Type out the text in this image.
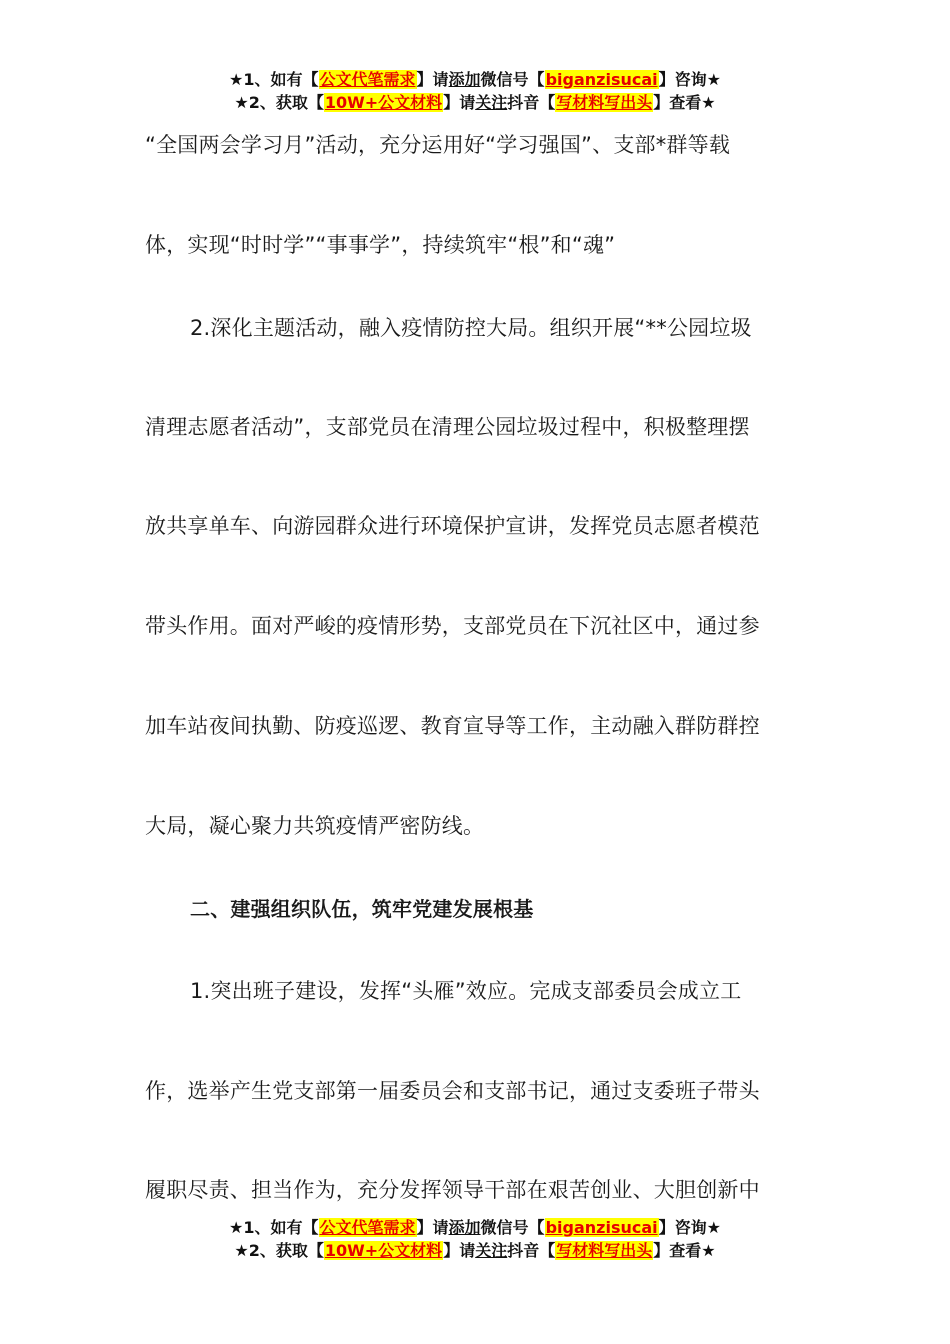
★1、如有【公文代笔需求】请添加微信号【biganzisucai】咨询★
★2、获取【10W+公文材料】请关注抖音【写材料写出头】查看★
“全国两会学习月”活动，充分运用好“学习强国”、支部*群等载
体，实现“时时学”“事事学”，持续筑牢“根”和“魂”
2.深化主题活动，融入疫情防控大局。组织开展“**公园垃圾
清理志愿者活动”，支部党员在清理公园垃圾过程中，积极整理摆
放共享单车、向游园群众进行环境保护宣讲，发挥党员志愿者模范
带头作用。面对严峻的疫情形势，支部党员在下沉社区中，通过参
加车站夜间执勤、防疫巡逻、教育宣导等工作，主动融入群防群控
大局，凝心聚力共筑疫情严密防线。
二、建强组织队伍，筑牢党建发展根基
1.突出班子建设，发挥“头雁”效应。完成支部委员会成立工
作，选举产生党支部第一届委员会和支部书记，通过支委班子带头
履职尽责、担当作为，充分发挥领导干部在艰苦创业、大胆创新中
★1、如有【公文代笔需求】请添加微信号【biganzisucai】咨询★
★2、获取【10W+公文材料】请关注抖音【写材料写出头】查看★
